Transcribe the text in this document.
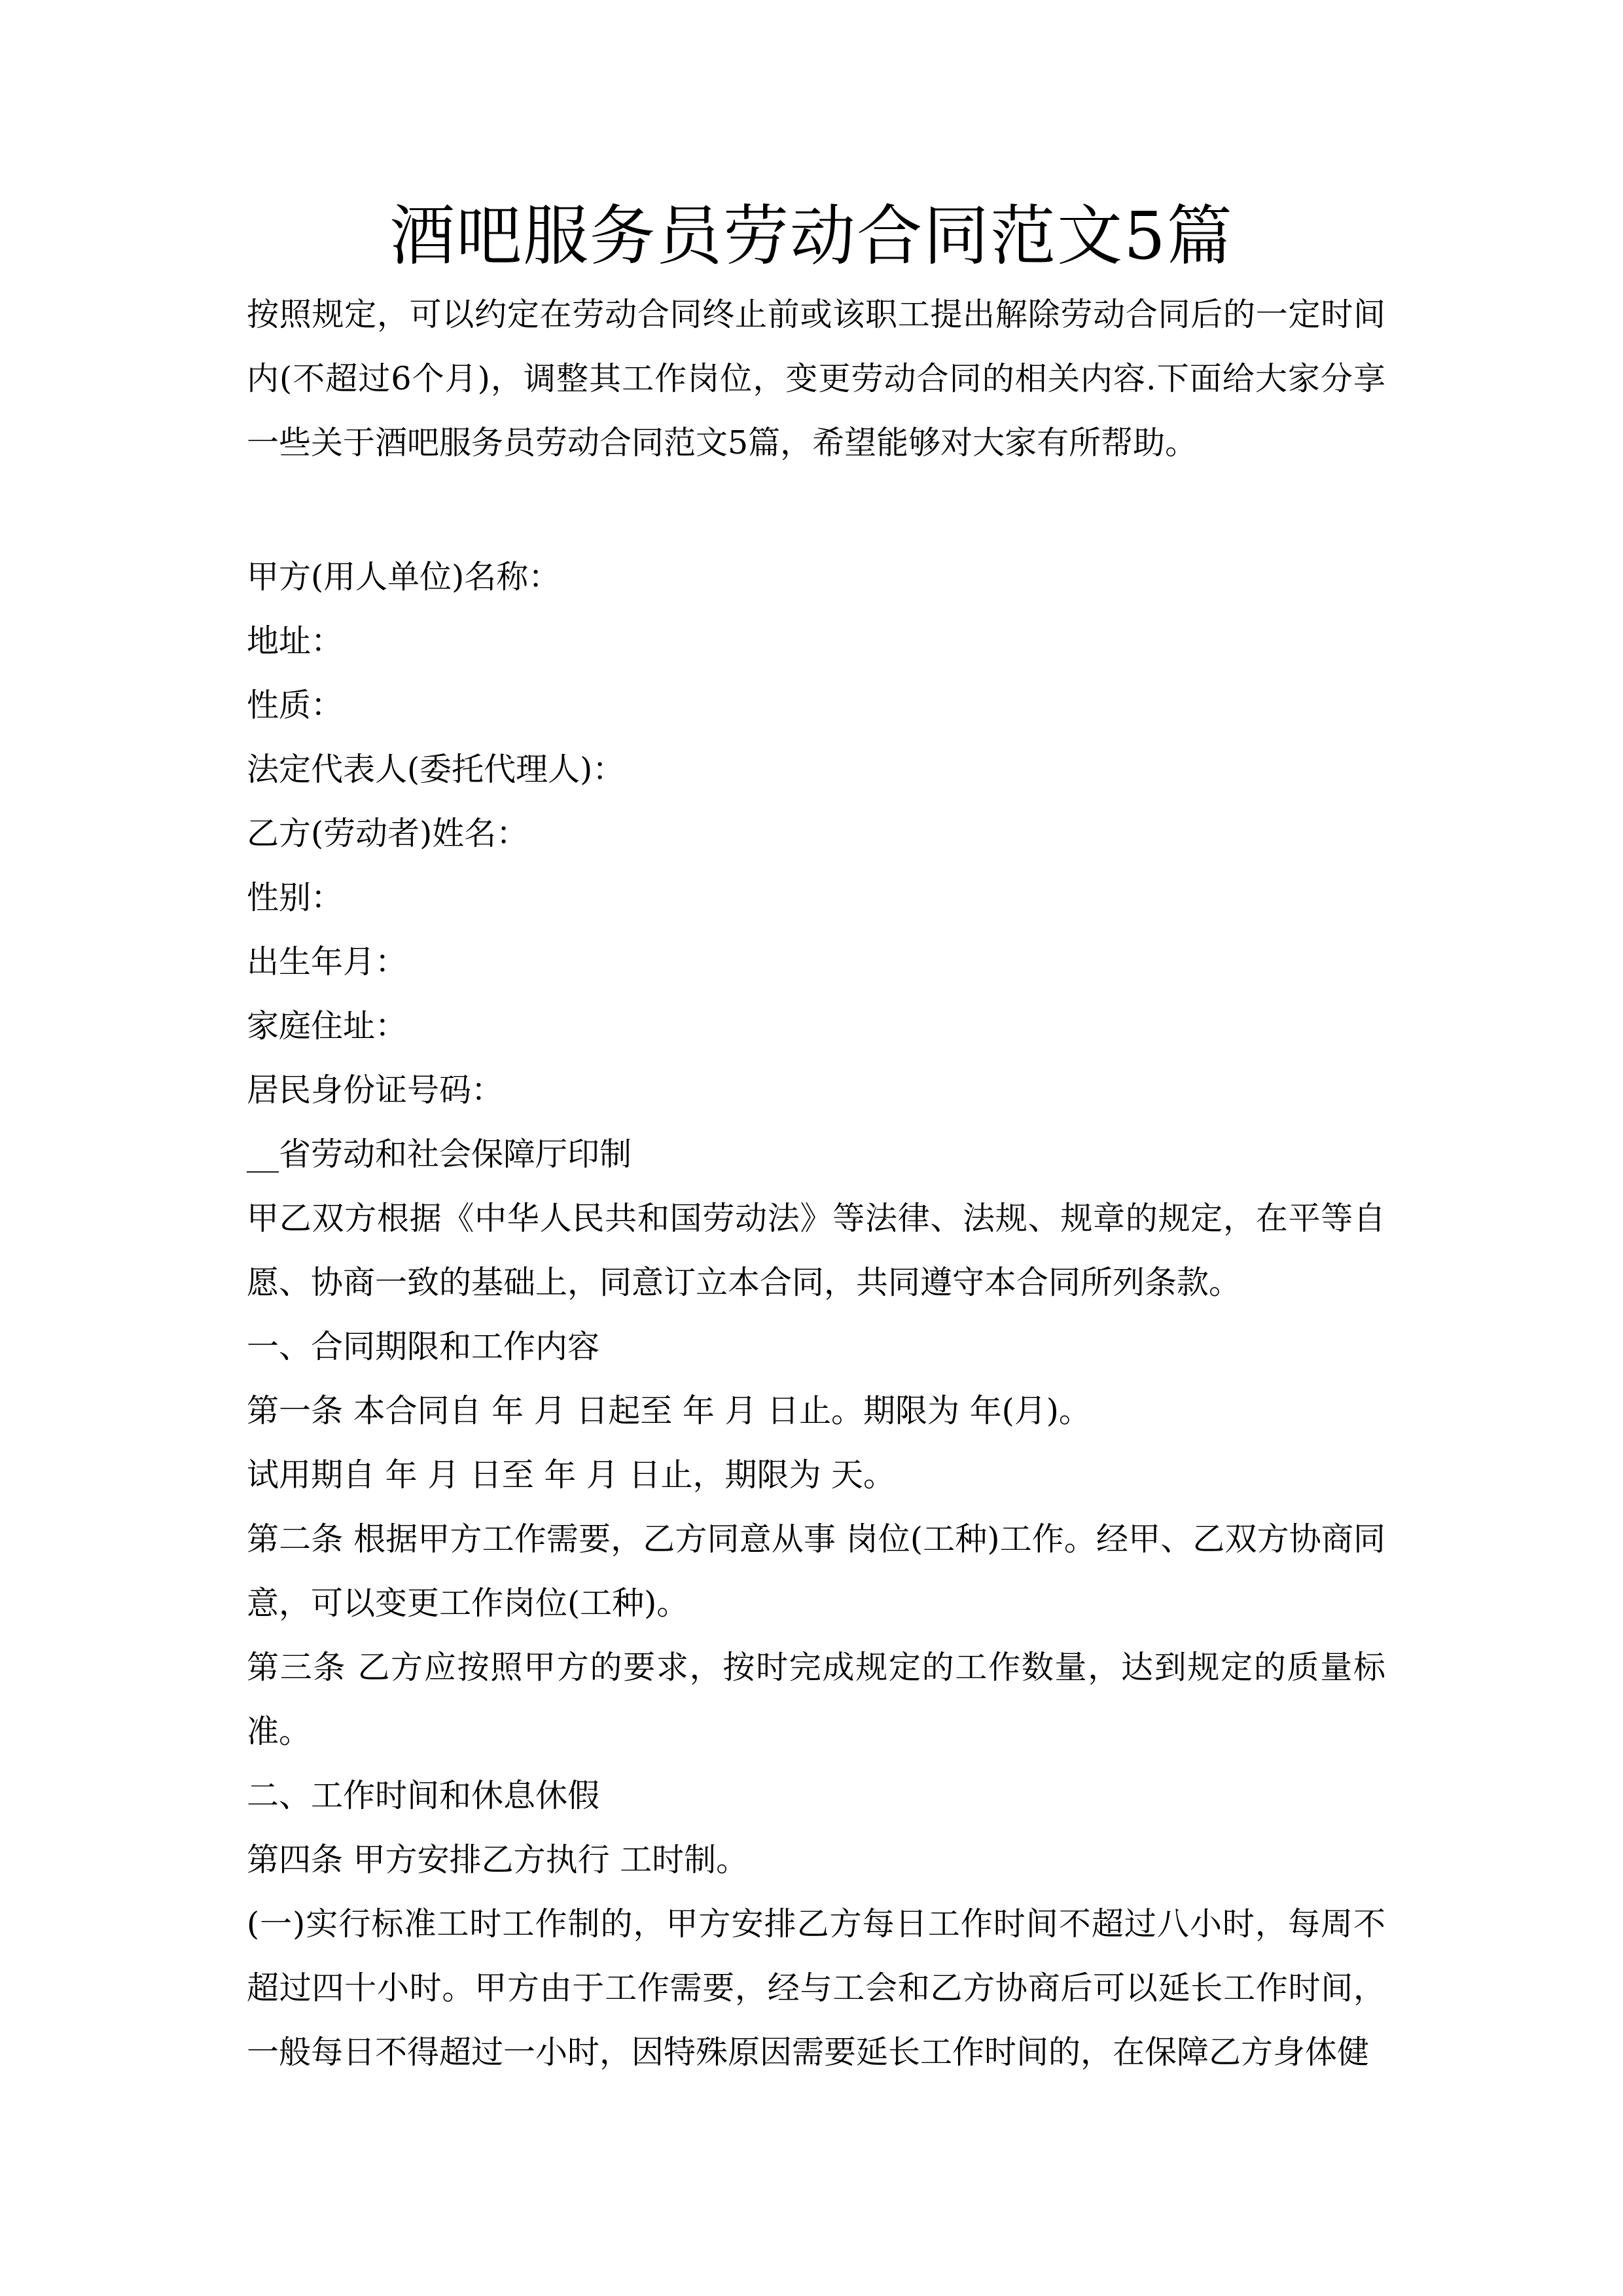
酒吧服务员劳动合同范文5篇

按照规定，可以约定在劳动合同终止前或该职工提出解除劳动合同后的一定时间内(不超过6个月)，调整其工作岗位，变更劳动合同的相关内容.下面给大家分享一些关于酒吧服务员劳动合同范文5篇，希望能够对大家有所帮助。

甲方(用人单位)名称：

地址：

性质：

法定代表人(委托代理人)：

乙方(劳动者)姓名：

性别：

出生年月：

家庭住址：

居民身份证号码：

__省劳动和社会保障厅印制

甲乙双方根据《中华人民共和国劳动法》等法律、法规、规章的规定，在平等自愿、协商一致的基础上，同意订立本合同，共同遵守本合同所列条款。

一、合同期限和工作内容

第一条 本合同自 年 月 日起至 年 月 日止。期限为 年(月)。

试用期自 年 月 日至 年 月 日止，期限为 天。

第二条 根据甲方工作需要，乙方同意从事 岗位(工种)工作。经甲、乙双方协商同意，可以变更工作岗位(工种)。

第三条 乙方应按照甲方的要求，按时完成规定的工作数量，达到规定的质量标准。

二、工作时间和休息休假

第四条 甲方安排乙方执行 工时制。

(一)实行标准工时工作制的，甲方安排乙方每日工作时间不超过八小时，每周不超过四十小时。甲方由于工作需要，经与工会和乙方协商后可以延长工作时间，一般每日不得超过一小时，因特殊原因需要延长工作时间的，在保障乙方身体健
